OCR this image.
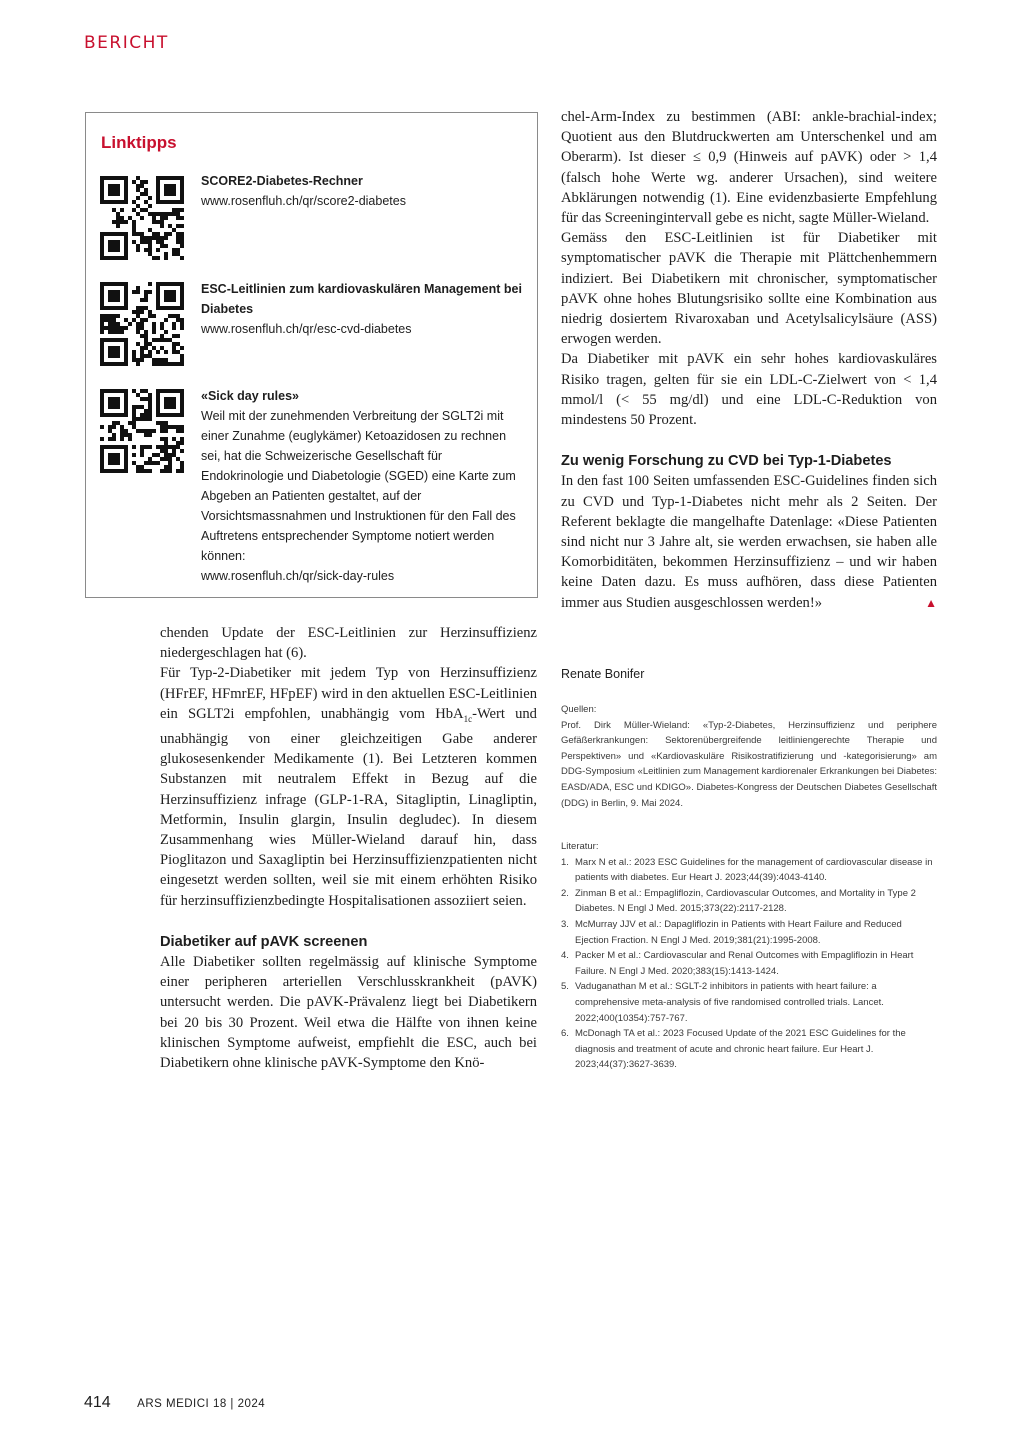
BERICHT
Linktipps
SCORE2-Diabetes-Rechner
www.rosenfluh.ch/qr/score2-diabetes
ESC-Leitlinien zum kardiovaskulären Management bei Diabetes
www.rosenfluh.ch/qr/esc-cvd-diabetes
«Sick day rules»
Weil mit der zunehmenden Verbreitung der SGLT2i mit einer Zunahme (euglykämer) Ketoazidosen zu rechnen sei, hat die Schweizerische Gesellschaft für Endokrinologie und Diabetologie (SGED) eine Karte zum Abgeben an Patienten gestaltet, auf der Vorsichtsmassnahmen und Instruktionen für den Fall des Auftretens entsprechender Symptome notiert werden können:
www.rosenfluh.ch/qr/sick-day-rules

chenden Update der ESC-Leitlinien zur Herzinsuffizienz niedergeschlagen hat (6).

Für Typ-2-Diabetiker mit jedem Typ von Herzinsuffizienz (HFrEF, HFmrEF, HFpEF) wird in den aktuellen ESC-Leitlinien ein SGLT2i empfohlen, unabhängig vom HbA$_{1c}$-Wert und unabhängig von einer gleichzeitigen Gabe anderer glukosesenkender Medikamente (1). Bei Letzteren kommen Substanzen mit neutralem Effekt in Bezug auf die Herzinsuffizienz infrage (GLP-1-RA, Sitagliptin, Linagliptin, Metformin, Insulin glargin, Insulin degludec). In diesem Zusammenhang wies Müller-Wieland darauf hin, dass Pioglitazon und Saxagliptin bei Herzinsuffizienzpatienten nicht eingesetzt werden sollten, weil sie mit einem erhöhten Risiko für herzinsuffizienzbedingte Hospitalisationen assoziiert seien.

Diabetiker auf pAVK screenen

Alle Diabetiker sollten regelmässig auf klinische Symptome einer peripheren arteriellen Verschlusskrankheit (pAVK) untersucht werden. Die pAVK-Prävalenz liegt bei Diabetikern bei 20 bis 30 Prozent. Weil etwa die Hälfte von ihnen keine klinischen Symptome aufweist, empfiehlt die ESC, auch bei Diabetikern ohne klinische pAVK-Symptome den Knö-

chel-Arm-Index zu bestimmen (ABI: ankle-brachial-index; Quotient aus den Blutdruckwerten am Unterschenkel und am Oberarm). Ist dieser ≤ 0,9 (Hinweis auf pAVK) oder > 1,4 (falsch hohe Werte wg. anderer Ursachen), sind weitere Abklärungen notwendig (1). Eine evidenzbasierte Empfehlung für das Screeningintervall gebe es nicht, sagte Müller-Wieland.

Gemäss den ESC-Leitlinien ist für Diabetiker mit symptomatischer pAVK die Therapie mit Plättchenhemmern indiziert. Bei Diabetikern mit chronischer, symptomatischer pAVK ohne hohes Blutungsrisiko sollte eine Kombination aus niedrig dosiertem Rivaroxaban und Acetylsalicylsäure (ASS) erwogen werden.

Da Diabetiker mit pAVK ein sehr hohes kardiovaskuläres Risiko tragen, gelten für sie ein LDL-C-Zielwert von < 1,4 mmol/l (< 55 mg/dl) und eine LDL-C-Reduktion von mindestens 50 Prozent.

Zu wenig Forschung zu CVD bei Typ-1-Diabetes

In den fast 100 Seiten umfassenden ESC-Guidelines finden sich zu CVD und Typ-1-Diabetes nicht mehr als 2 Seiten. Der Referent beklagte die mangelhafte Datenlage: «Diese Patienten sind nicht nur 3 Jahre alt, sie werden erwachsen, sie haben alle Komorbiditäten, bekommen Herzinsuffizienz – und wir haben keine Daten dazu. Es muss aufhören, dass diese Patienten immer aus Studien ausgeschlossen werden!»	▲

Renate Bonifer
Quellen:
Prof. Dirk Müller-Wieland: «Typ-2-Diabetes, Herzinsuffizienz und periphere Gefäßerkrankungen: Sektorenübergreifende leitliniengerechte Therapie und Perspektiven» und «Kardiovaskuläre Risikostratifizierung und -kategorisierung» am DDG-Symposium «Leitlinien zum Management kardiorenaler Erkrankungen bei Diabetes: EASD/ADA, ESC und KDIGO». Diabetes-Kongress der Deutschen Diabetes Gesellschaft (DDG) in Berlin, 9. Mai 2024.
Literatur:
1. Marx N et al.: 2023 ESC Guidelines for the management of cardiovascular disease in patients with diabetes. Eur Heart J. 2023;44(39):4043-4140.
2. Zinman B et al.: Empagliflozin, Cardiovascular Outcomes, and Mortality in Type 2 Diabetes. N Engl J Med. 2015;373(22):2117-2128.
3. McMurray JJV et al.: Dapagliflozin in Patients with Heart Failure and Reduced Ejection Fraction. N Engl J Med. 2019;381(21):1995-2008.
4. Packer M et al.: Cardiovascular and Renal Outcomes with Empagliflozin in Heart Failure. N Engl J Med. 2020;383(15):1413-1424.
5. Vaduganathan M et al.: SGLT-2 inhibitors in patients with heart failure: a comprehensive meta-analysis of five randomised controlled trials. Lancet. 2022;400(10354):757-767.
6. McDonagh TA et al.: 2023 Focused Update of the 2021 ESC Guidelines for the diagnosis and treatment of acute and chronic heart failure. Eur Heart J. 2023;44(37):3627-3639.
414 ARS MEDICI 18 | 2024
